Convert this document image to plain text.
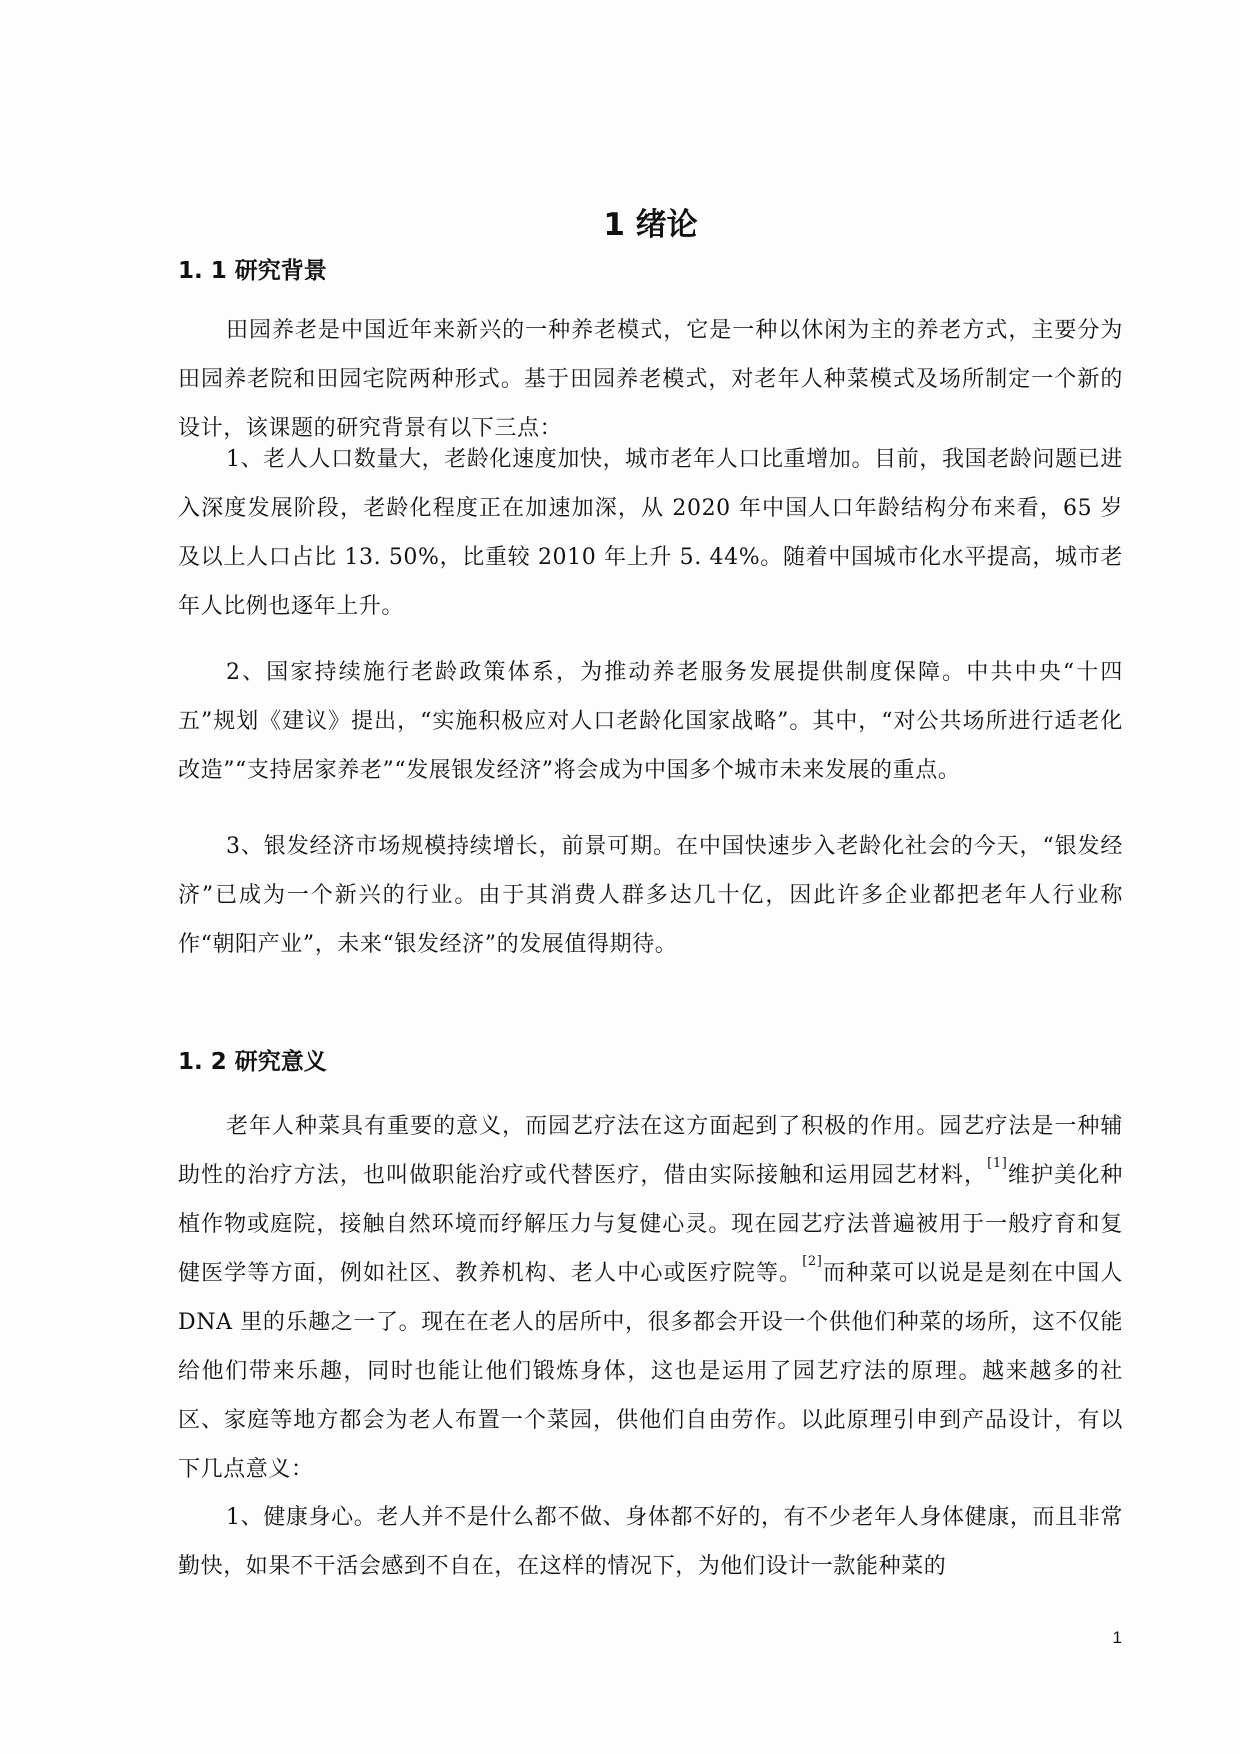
1 绪论
1. 1 研究背景

田园养老是中国近年来新兴的一种养老模式，它是一种以休闲为主的养老方式，主要分为田园养老院和田园宅院两种形式。基于田园养老模式，对老年人种菜模式及场所制定一个新的设计，该课题的研究背景有以下三点：

1、老人人口数量大，老龄化速度加快，城市老年人口比重增加。目前，我国老龄问题已进入深度发展阶段，老龄化程度正在加速加深，从 2020 年中国人口年龄结构分布来看，65 岁及以上人口占比 13. 50%，比重较 2010 年上升 5. 44%。随着中国城市化水平提高，城市老年人比例也逐年上升。

2、国家持续施行老龄政策体系，为推动养老服务发展提供制度保障。中共中央“十四五”规划《建议》提出，“实施积极应对人口老龄化国家战略”。其中，“对公共场所进行适老化改造”“支持居家养老”“发展银发经济”将会成为中国多个城市未来发展的重点。

3、银发经济市场规模持续增长，前景可期。在中国快速步入老龄化社会的今天，“银发经济”已成为一个新兴的行业。由于其消费人群多达几十亿，因此许多企业都把老年人行业称作“朝阳产业”，未来“银发经济”的发展值得期待。

1. 2 研究意义

老年人种菜具有重要的意义，而园艺疗法在这方面起到了积极的作用。园艺疗法是一种辅助性的治疗方法，也叫做职能治疗或代替医疗，借由实际接触和运用园艺材料，[1]维护美化种植作物或庭院，接触自然环境而纾解压力与复健心灵。现在园艺疗法普遍被用于一般疗育和复健医学等方面，例如社区、教养机构、老人中心或医疗院等。[2]而种菜可以说是是刻在中国人 DNA 里的乐趣之一了。现在在老人的居所中，很多都会开设一个供他们种菜的场所，这不仅能给他们带来乐趣，同时也能让他们锻炼身体，这也是运用了园艺疗法的原理。越来越多的社区、家庭等地方都会为老人布置一个菜园，供他们自由劳作。以此原理引申到产品设计，有以下几点意义：

1、健康身心。老人并不是什么都不做、身体都不好的，有不少老年人身体健康，而且非常勤快，如果不干活会感到不自在，在这样的情况下，为他们设计一款能种菜的

1
